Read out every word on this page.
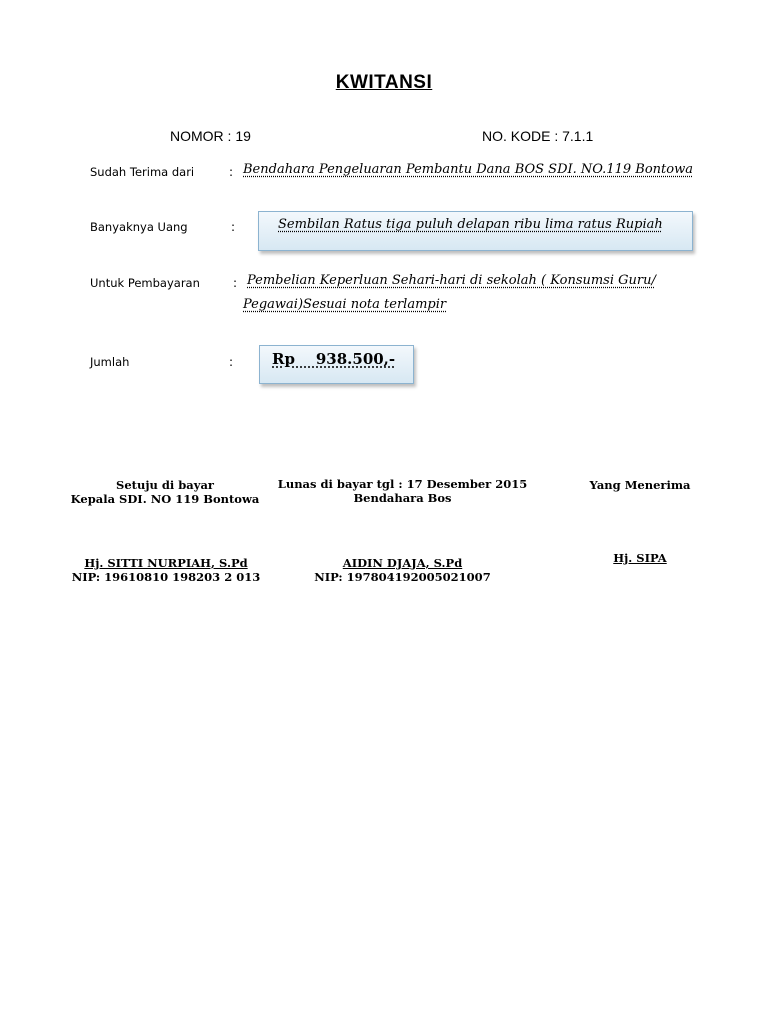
KWITANSI
NOMOR : 19	NO. KODE : 7.1.1
Sudah Terima dari	: Bendahara Pengeluaran Pembantu Dana BOS SDI. NO.119 Bontowa
Banyaknya Uang	:	Sembilan Ratus tiga puluh delapan ribu lima ratus Rupiah
Untuk Pembayaran	: Pembelian Keperluan Sehari-hari di sekolah ( Konsumsi Guru/
Pegawai)Sesuai nota terlampir
Jumlah	:	Rp    938.500,-
Setuju di bayar
Kepala SDI. NO 119 Bontowa
Hj. SITTI NURPIAH, S.Pd
NIP: 19610810 198203 2 013
Lunas di bayar tgl : 17 Desember 2015
Bendahara Bos
AIDIN DJAJA, S.Pd
NIP: 197804192005021007
Yang Menerima
Hj. SIPA
